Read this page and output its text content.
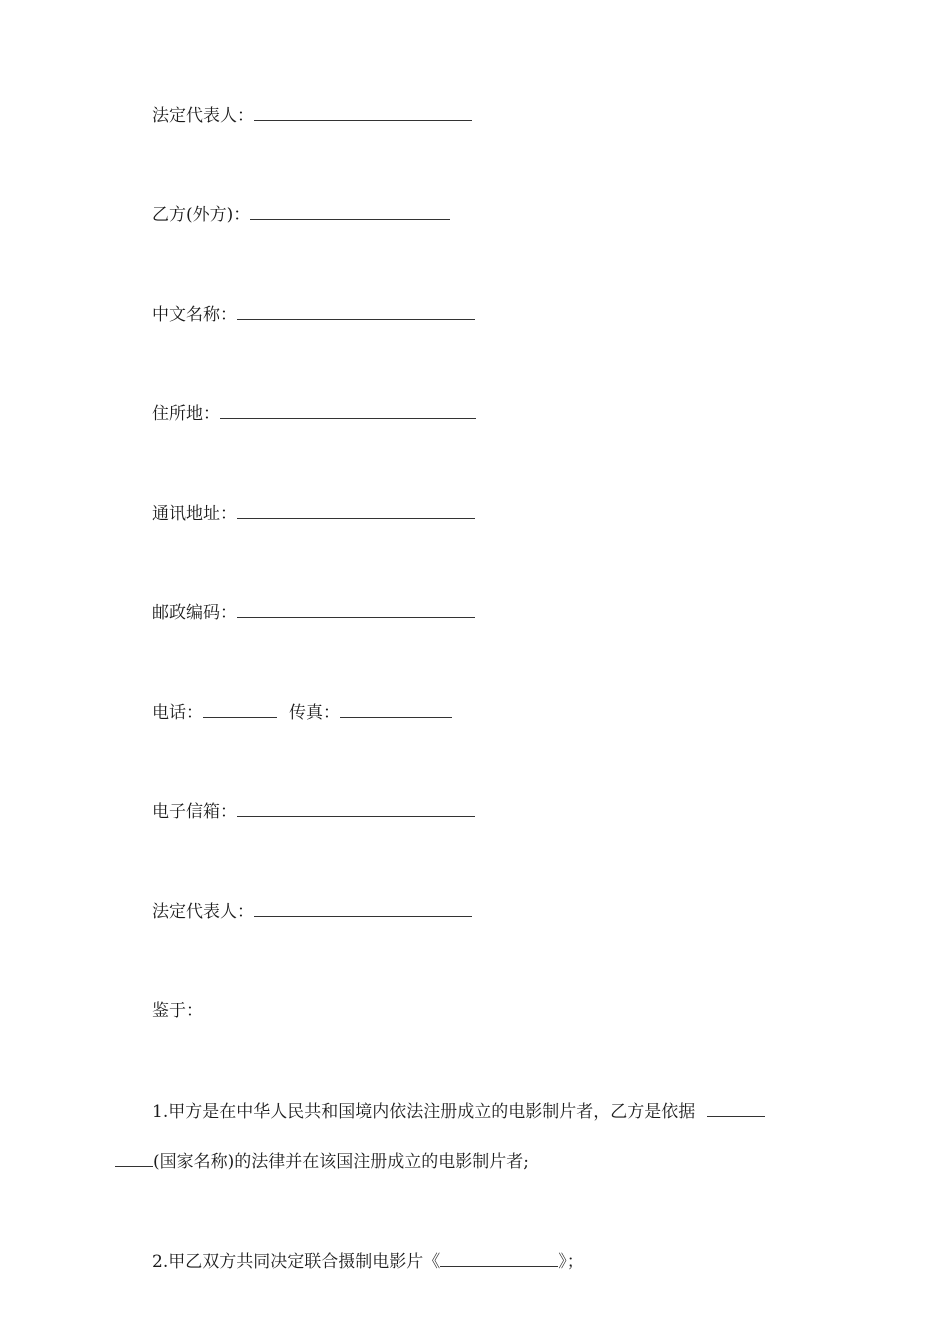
法定代表人：
乙方(外方)：
中文名称：
住所地：
通讯地址：
邮政编码：
电话：	传真：
电子信箱：
法定代表人：
鉴于：
1.甲方是在中华人民共和国境内依法注册成立的电影制片者，乙方是依据
(国家名称)的法律并在该国注册成立的电影制片者;
2.甲乙双方共同决定联合摄制电影片《	》；
